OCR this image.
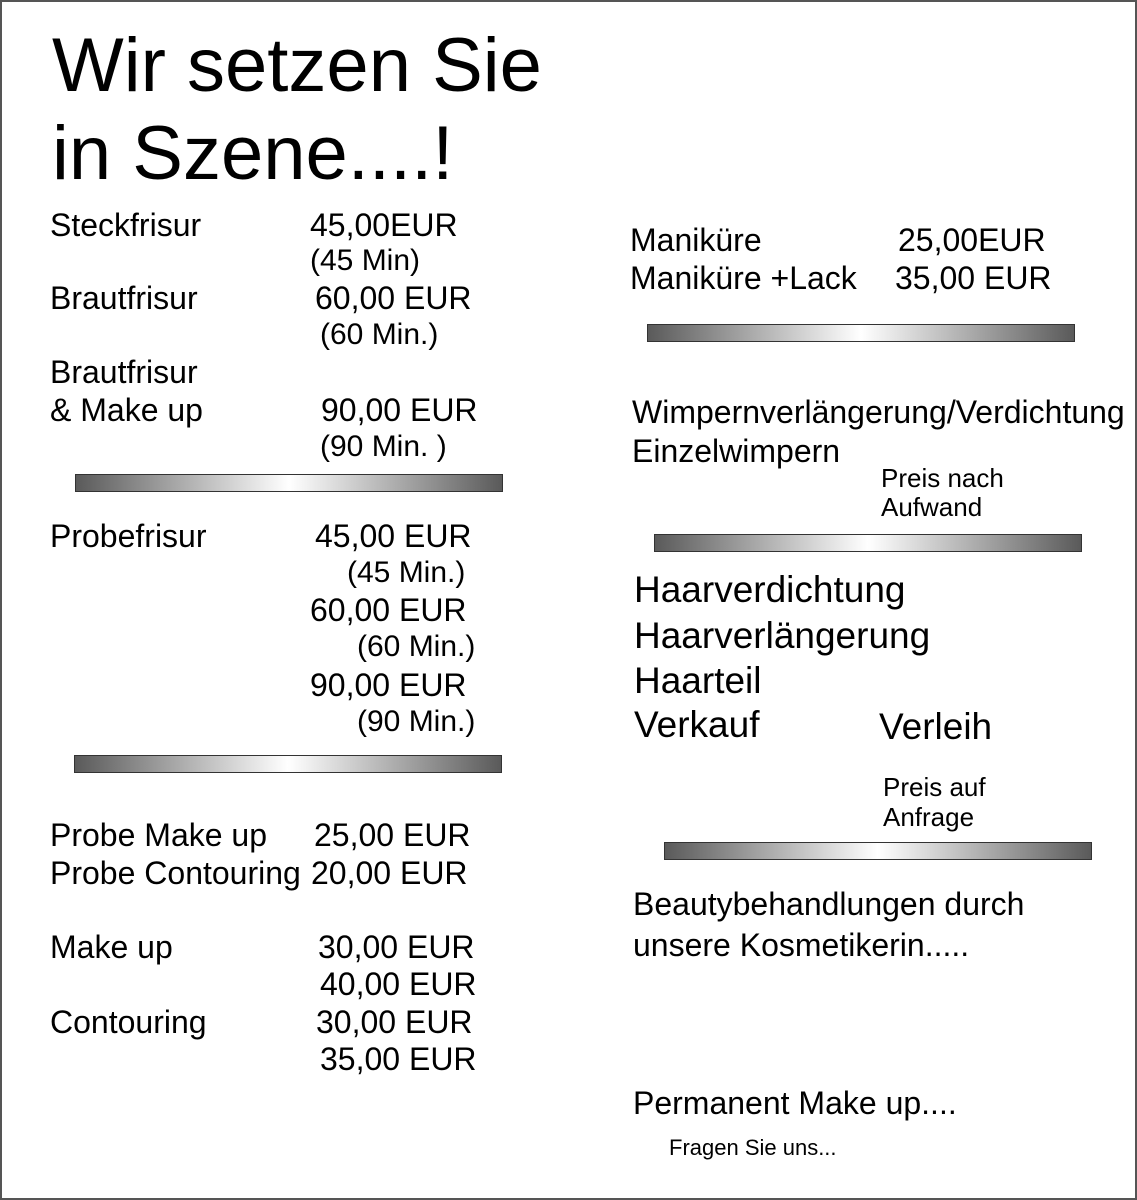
Wir setzen Sie
in Szene....!
Steckfrisur	45,00EUR
(45 Min)
Brautfrisur	60,00 EUR
(60 Min.)
Brautfrisur
& Make up	90,00 EUR
(90 Min. )
Probefrisur	45,00 EUR
(45 Min.)
60,00 EUR
(60 Min.)
90,00 EUR
(90 Min.)
Probe Make up 25,00 EUR
Probe Contouring 20,00 EUR
Make up	30,00 EUR
40,00 EUR
Contouring	30,00 EUR
35,00 EUR
Maniküre	25,00EUR
Maniküre +Lack 35,00 EUR
Wimpernverlängerung/Verdichtung
Einzelwimpern
Preis nach
Aufwand
Haarverdichtung
Haarverlängerung
Haarteil
Verkauf	Verleih
Preis auf
Anfrage
Beautybehandlungen durch
unsere Kosmetikerin.....
Permanent Make up....
Fragen Sie uns...
